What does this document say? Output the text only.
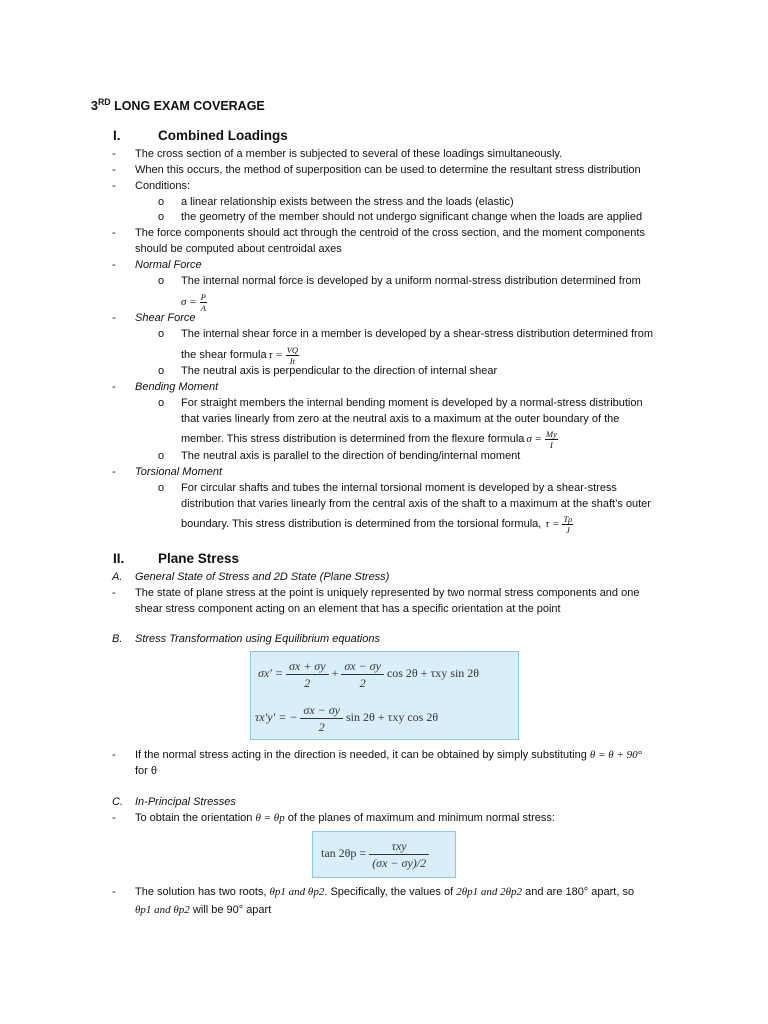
3RD LONG EXAM COVERAGE
I.	Combined Loadings
- The cross section of a member is subjected to several of these loadings simultaneously.
- When this occurs, the method of superposition can be used to determine the resultant stress distribution
- Conditions:
o a linear relationship exists between the stress and the loads (elastic)
o the geometry of the member should not undergo significant change when the loads are applied
- The force components should act through the centroid of the cross section, and the moment components
should be computed about centroidal axes
- Normal Force
o The internal normal force is developed by a uniform normal-stress distribution determined from
$\sigma = \frac{P}{A}$
- Shear Force
o The internal shear force in a member is developed by a shear-stress distribution determined from
the shear formula $\tau = \frac{VQ}{It}$
o The neutral axis is perpendicular to the direction of internal shear
- Bending Moment
o For straight members the internal bending moment is developed by a normal-stress distribution
that varies linearly from zero at the neutral axis to a maximum at the outer boundary of the
member. This stress distribution is determined from the flexure formula $\sigma = \frac{My}{I}$
o The neutral axis is parallel to the direction of bending/internal moment
- Torsional Moment
o For circular shafts and tubes the internal torsional moment is developed by a shear-stress
distribution that varies linearly from the central axis of the shaft to a maximum at the shaft’s outer
boundary. This stress distribution is determined from the torsional formula, $\tau = \frac{T\rho}{J}$
II. Plane Stress
A. General State of Stress and 2D State (Plane Stress)
- The state of plane stress at the point is uniquely represented by two normal stress components and one
shear stress component acting on an element that has a specific orientation at the point
B. Stress Transformation using Equilibrium equations
$\sigma x' = \frac{\sigma x + \sigma y}{2} + \frac{\sigma x - \sigma y}{2}$ cos 2θ + τxy sin 2θ
τx′y′ = − $\frac{\sigma x - \sigma y}{2}$ sin 2θ + τxy cos 2θ
- If the normal stress acting in the direction is needed, it can be obtained by simply substituting θ = θ + 90°
for θ
C. In-Principal Stresses
- To obtain the orientation θ = θp of the planes of maximum and minimum normal stress:
tan 2θp =
τxy
(σx − σy)/2
- The solution has two roots, θp1 and θp2. Specifically, the values of 2θp1 and 2θp2 and are 180° apart, so
θp1 and θp2 will be 90° apart
